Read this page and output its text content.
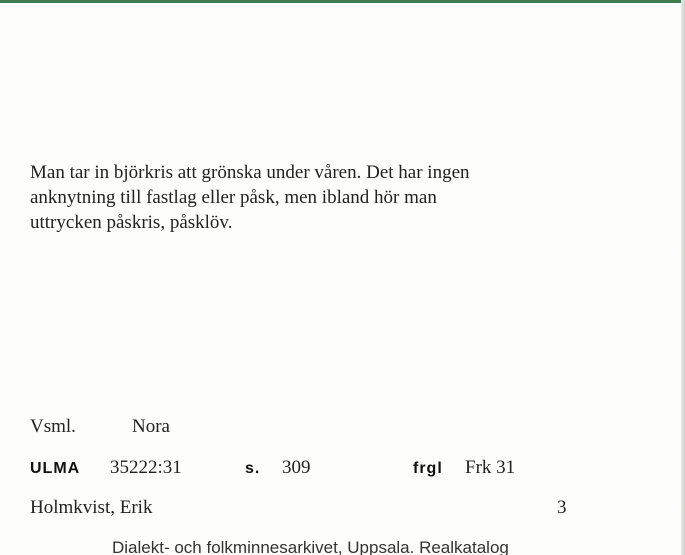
Man tar in björkris att grönska under våren. Det har ingen
anknytning till fastlag eller påsk, men ibland hör man
uttrycken påskris, påsklöv.
Vsml.	Nora
ULMA 35222:31	s. 309	frgl Frk 31
Holmkvist, Erik	3
Dialekt- och folkminnesarkivet, Uppsala. Realkatalog
